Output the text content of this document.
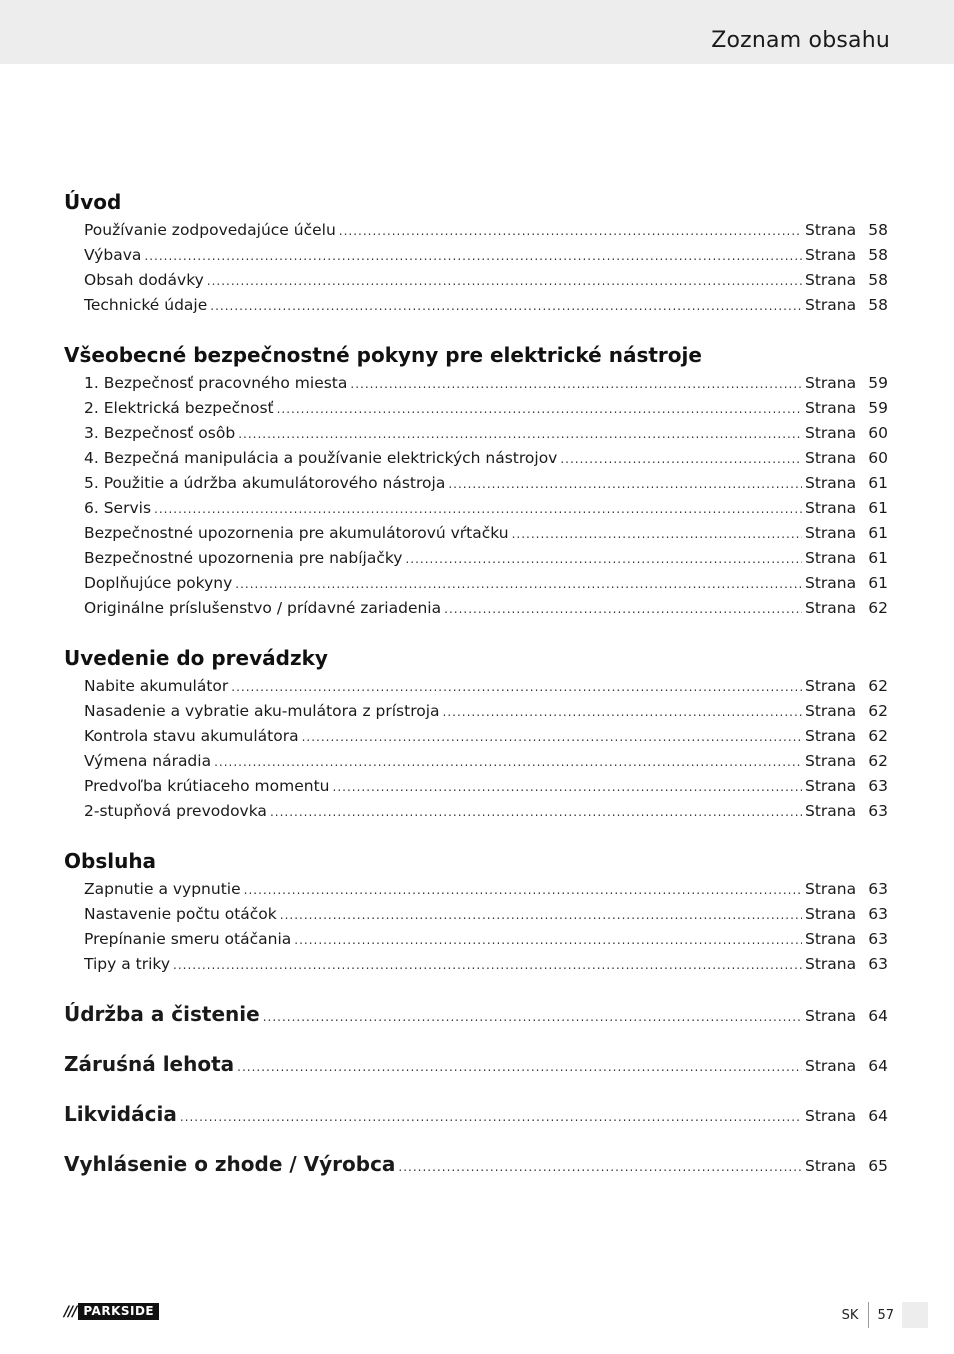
Zoznam obsahu
Úvod
Používanie zodpovedajúce účelu .....	Strana 58
Výbava .....	Strana 58
Obsah dodávky .....	Strana 58
Technické údaje .....	Strana 58
Všeobecné bezpečnostné pokyny pre elektrické nástroje
1. Bezpečnosť pracovného miesta .....	Strana 59
2. Elektrická bezpečnosť .....	Strana 59
3. Bezpečnosť osôb .....	Strana 60
4. Bezpečná manipulácia a používanie elektrických nástrojov .....	Strana 60
5. Použitie a údržba akumulátorového nástroja .....	Strana 61
6. Servis .....	Strana 61
Bezpečnostné upozornenia pre akumulátorovú vŕtačku .....	Strana 61
Bezpečnostné upozornenia pre nabíjačky .....	Strana 61
Doplňujúce pokyny .....	Strana 61
Originálne príslušenstvo / prídavné zariadenia .....	Strana 62
Uvedenie do prevádzky
Nabite akumulátor .....	Strana 62
Nasadenie a vybratie aku-mulátora z prístroja .....	Strana 62
Kontrola stavu akumulátora .....	Strana 62
Výmena náradia .....	Strana 62
Predvoľba krútiaceho momentu .....	Strana 63
2-stupňová prevodovka .....	Strana 63
Obsluha
Zapnutie a vypnutie .....	Strana 63
Nastavenie počtu otáčok .....	Strana 63
Prepínanie smeru otáčania .....	Strana 63
Tipy a triky .....	Strana 63
Údržba a čistenie .....	Strana 64
Záruśná lehota .....	Strana 64
Likvidácia .....	Strana 64
Vyhlásenie o zhode / Výrobca .....	Strana 65
/// PARKSIDE	SK	57
